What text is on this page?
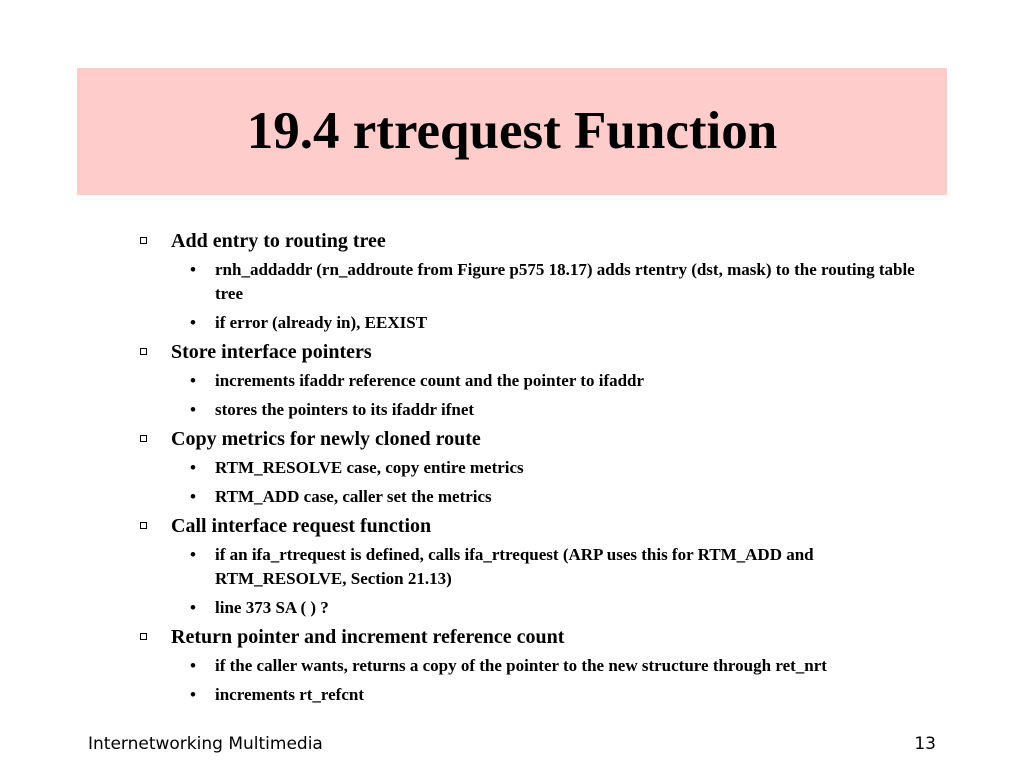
19.4 rtrequest Function
Add entry to routing tree
• rnh_addaddr (rn_addroute from Figure p575 18.17) adds rtentry (dst, mask) to the routing table tree
• if error (already in), EEXIST
Store interface pointers
• increments ifaddr reference count and the pointer to ifaddr
• stores the pointers to its ifaddr ifnet
Copy metrics for newly cloned route
• RTM_RESOLVE case, copy entire metrics
• RTM_ADD case, caller set the metrics
Call interface request function
• if an ifa_rtrequest is defined, calls ifa_rtrequest (ARP uses this for RTM_ADD and RTM_RESOLVE, Section 21.13)
• line 373 SA ( ) ?
Return pointer and increment reference count
• if the caller wants, returns a copy of the pointer to the new structure through ret_nrt
• increments rt_refcnt
Internetworking Multimedia	13
